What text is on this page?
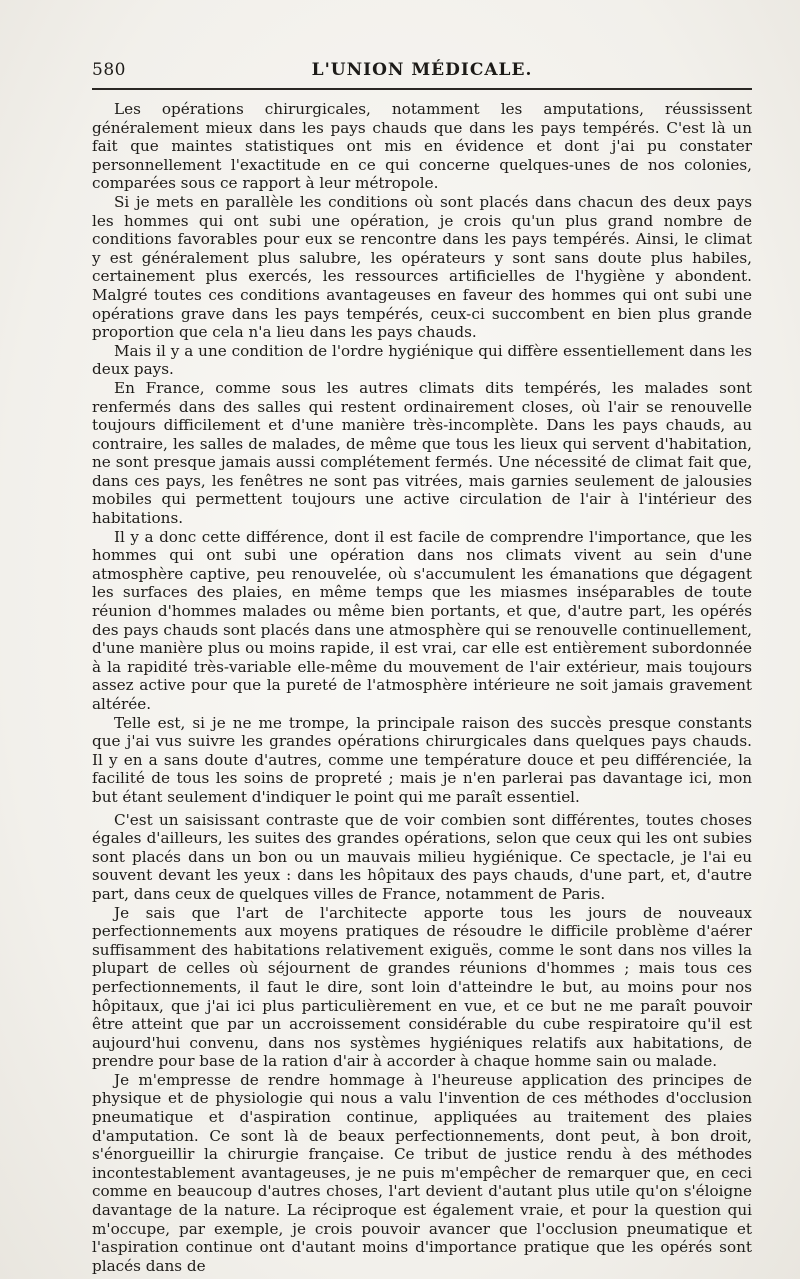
580	L'UNION MÉDICALE.

Les opérations chirurgicales, notamment les amputations, réussissent généralement mieux dans les pays chauds que dans les pays tempérés. C'est là un fait que maintes statistiques ont mis en évidence et dont j'ai pu constater personnellement l'exactitude en ce qui concerne quelques-unes de nos colonies, comparées sous ce rapport à leur métropole.

Si je mets en parallèle les conditions où sont placés dans chacun des deux pays les hommes qui ont subi une opération, je crois qu'un plus grand nombre de conditions favorables pour eux se rencontre dans les pays tempérés. Ainsi, le climat y est généralement plus salubre, les opérateurs y sont sans doute plus habiles, certainement plus exercés, les ressources artificielles de l'hygiène y abondent. Malgré toutes ces conditions avantageuses en faveur des hommes qui ont subi une opérations grave dans les pays tempérés, ceux-ci succombent en bien plus grande proportion que cela n'a lieu dans les pays chauds.

Mais il y a une condition de l'ordre hygiénique qui diffère essentiellement dans les deux pays.

En France, comme sous les autres climats dits tempérés, les malades sont renfermés dans des salles qui restent ordinairement closes, où l'air se renouvelle toujours difficilement et d'une manière très-incomplète. Dans les pays chauds, au contraire, les salles de malades, de même que tous les lieux qui servent d'habitation, ne sont presque jamais aussi complétement fermés. Une nécessité de climat fait que, dans ces pays, les fenêtres ne sont pas vitrées, mais garnies seulement de jalousies mobiles qui permettent toujours une active circulation de l'air à l'intérieur des habitations.

Il y a donc cette différence, dont il est facile de comprendre l'importance, que les hommes qui ont subi une opération dans nos climats vivent au sein d'une atmosphère captive, peu renouvelée, où s'accumulent les émanations que dégagent les surfaces des plaies, en même temps que les miasmes inséparables de toute réunion d'hommes malades ou même bien portants, et que, d'autre part, les opérés des pays chauds sont placés dans une atmosphère qui se renouvelle continuellement, d'une manière plus ou moins rapide, il est vrai, car elle est entièrement subordonnée à la rapidité très-variable elle-même du mouvement de l'air extérieur, mais toujours assez active pour que la pureté de l'atmosphère intérieure ne soit jamais gravement altérée.

Telle est, si je ne me trompe, la principale raison des succès presque constants que j'ai vus suivre les grandes opérations chirurgicales dans quelques pays chauds. Il y en a sans doute d'autres, comme une température douce et peu différenciée, la facilité de tous les soins de propreté ; mais je n'en parlerai pas davantage ici, mon but étant seulement d'indiquer le point qui me paraît essentiel.

C'est un saisissant contraste que de voir combien sont différentes, toutes choses égales d'ailleurs, les suites des grandes opérations, selon que ceux qui les ont subies sont placés dans un bon ou un mauvais milieu hygiénique. Ce spectacle, je l'ai eu souvent devant les yeux : dans les hôpitaux des pays chauds, d'une part, et, d'autre part, dans ceux de quelques villes de France, notamment de Paris.

Je sais que l'art de l'architecte apporte tous les jours de nouveaux perfectionnements aux moyens pratiques de résoudre le difficile problème d'aérer suffisamment des habitations relativement exiguës, comme le sont dans nos villes la plupart de celles où séjournent de grandes réunions d'hommes ; mais tous ces perfectionnements, il faut le dire, sont loin d'atteindre le but, au moins pour nos hôpitaux, que j'ai ici plus particulièrement en vue, et ce but ne me paraît pouvoir être atteint que par un accroissement considérable du cube respiratoire qu'il est aujourd'hui convenu, dans nos systèmes hygiéniques relatifs aux habitations, de prendre pour base de la ration d'air à accorder à chaque homme sain ou malade.

Je m'empresse de rendre hommage à l'heureuse application des principes de physique et de physiologie qui nous a valu l'invention de ces méthodes d'occlusion pneumatique et d'aspiration continue, appliquées au traitement des plaies d'amputation. Ce sont là de beaux perfectionnements, dont peut, à bon droit, s'énorgueillir la chirurgie française. Ce tribut de justice rendu à des méthodes incontestablement avantageuses, je ne puis m'empêcher de remarquer que, en ceci comme en beaucoup d'autres choses, l'art devient d'autant plus utile qu'on s'éloigne davantage de la nature. La réciproque est également vraie, et pour la question qui m'occupe, par exemple, je crois pouvoir avancer que l'occlusion pneumatique et l'aspiration continue ont d'autant moins d'importance pratique que les opérés sont placés dans de
